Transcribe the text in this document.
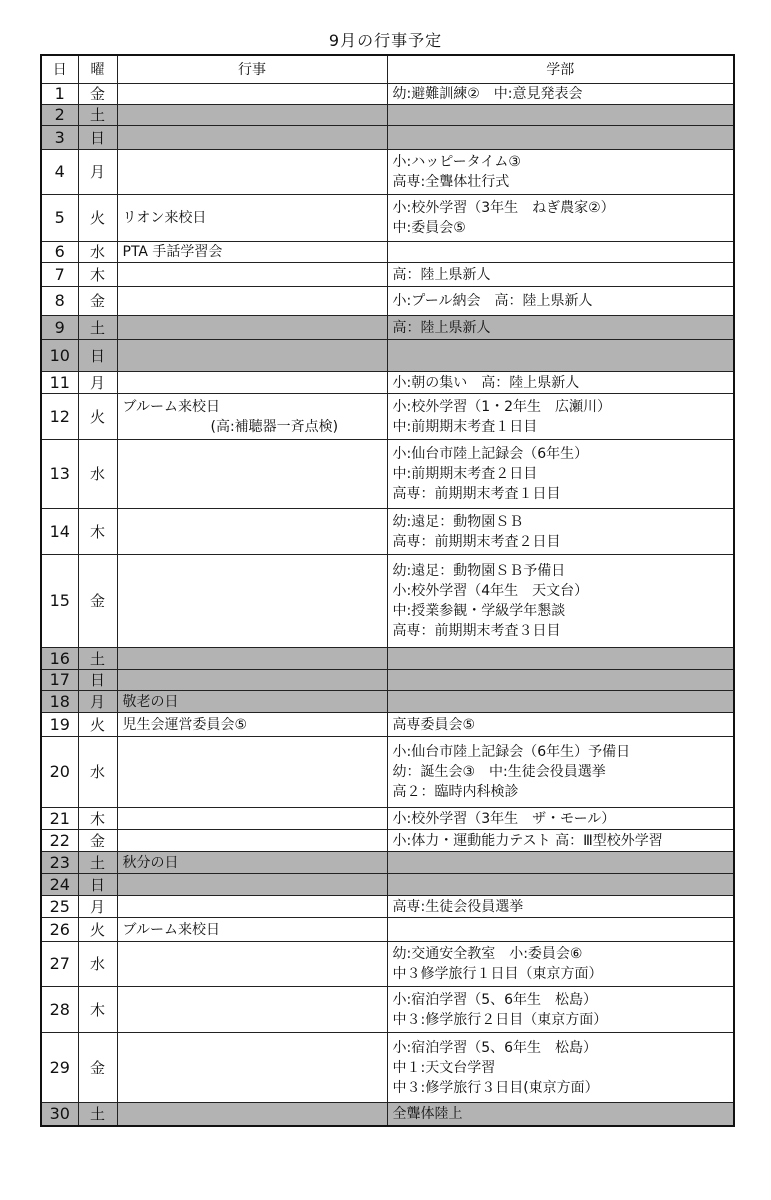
9月の行事予定
日	曜	行事	学部
1	金		幼:避難訓練②　中:意見発表会

2	土		
3	日		
4	月		小:ハッピータイム③
高専:全聾体壮行式

5	火	リオン来校日	小:校外学習（3年生　ねぎ農家②）
中:委員会⑤

6	水	PTA 手話学習会	

7	木		高：陸上県新人

8	金		小:プール納会　高：陸上県新人

9	土		高：陸上県新人

10	日		
11	月		小:朝の集い　高：陸上県新人

12	火	ブルーム来校日
(高:補聴器一斉点検)	小:校外学習（1・2年生　広瀬川）
中:前期期末考査１日目

13	水		小:仙台市陸上記録会（6年生）
中:前期期末考査２日目
高専：前期期末考査１日目

14	木		幼:遠足：動物園ＳＢ
高専：前期期末考査２日目

15	金		幼:遠足：動物園ＳＢ予備日
小:校外学習（4年生　天文台）
中:授業参観・学級学年懇談
高専：前期期末考査３日目

16	土		
17	日		
18	月	敬老の日	

19	火	児生会運営委員会⑤	高専委員会⑤

20	水		小:仙台市陸上記録会（6年生）予備日
幼：誕生会③　中:生徒会役員選挙
高２：臨時内科検診

21	木		小:校外学習（3年生　ザ・モール）

22	金		小:体力・運動能力テスト 高：Ⅲ型校外学習

23	土	秋分の日	

24	日		
25	月		高専:生徒会役員選挙

26	火	ブルーム来校日	

27	水		幼:交通安全教室　小:委員会⑥
中３修学旅行１日目（東京方面）

28	木		小:宿泊学習（5、6年生　松島）
中３:修学旅行２日目（東京方面）

29	金		小:宿泊学習（5、6年生　松島）
中１:天文台学習
中３:修学旅行３日目(東京方面）

30	土		全聾体陸上
